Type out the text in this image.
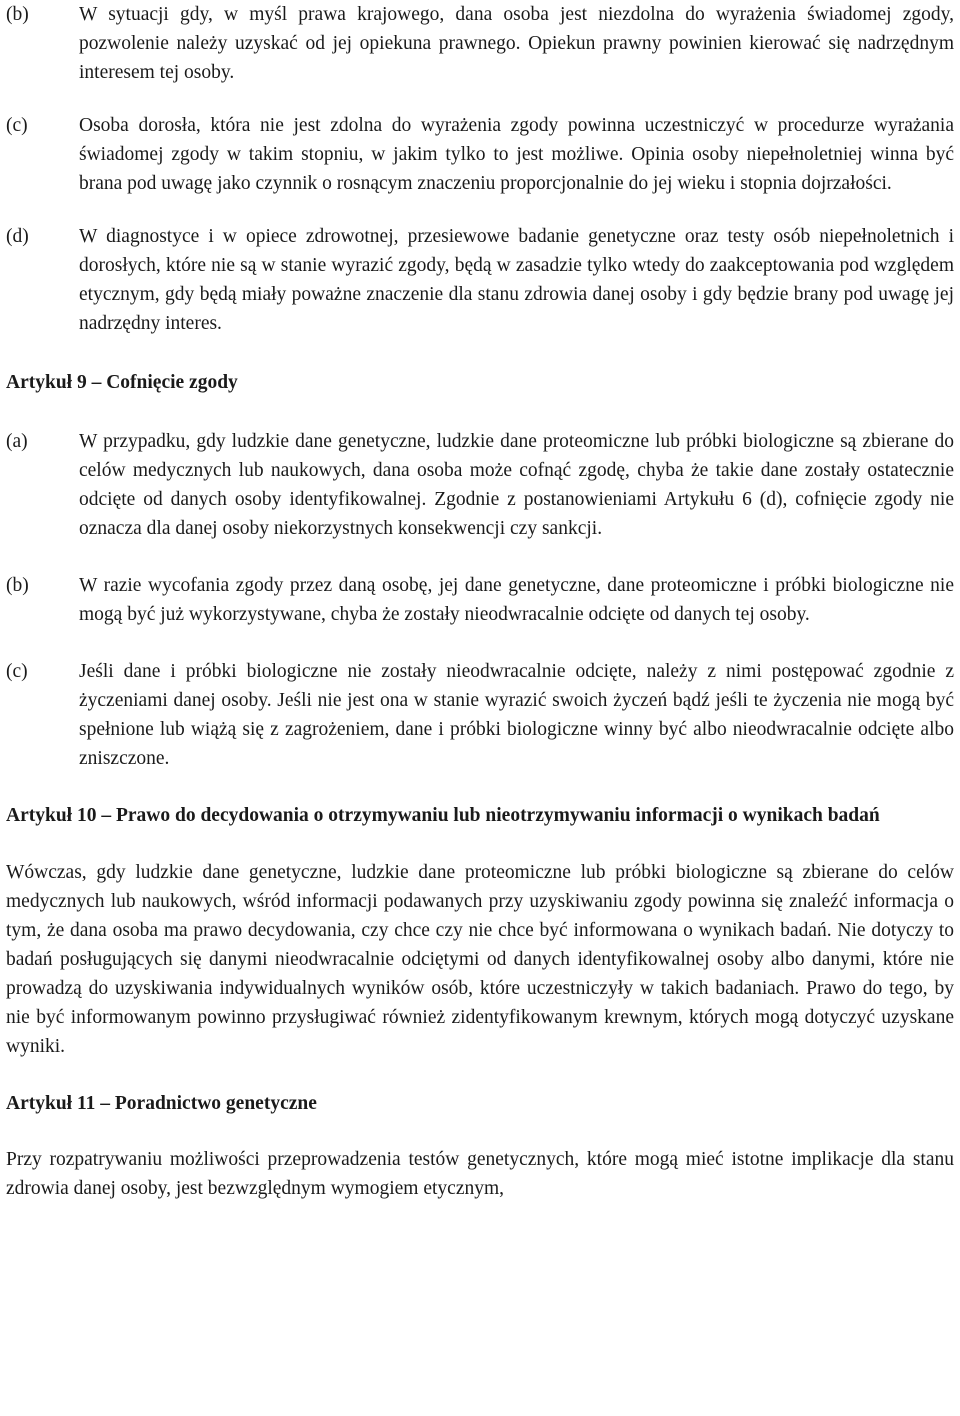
(b)	W sytuacji gdy, w myśl prawa krajowego, dana osoba jest niezdolna do wyrażenia świadomej zgody, pozwolenie należy uzyskać od jej opiekuna prawnego. Opiekun prawny powinien kierować się nadrzędnym interesem tej osoby.
(c)	Osoba dorosła, która nie jest zdolna do wyrażenia zgody powinna uczestniczyć w procedurze wyrażania świadomej zgody w takim stopniu, w jakim tylko to jest możliwe. Opinia osoby niepełnoletniej winna być brana pod uwagę jako czynnik o rosnącym znaczeniu proporcjonalnie do jej wieku i stopnia dojrzałości.
(d)	W diagnostyce i w opiece zdrowotnej, przesiewowe badanie genetyczne oraz testy osób niepełnoletnich i dorosłych, które nie są w stanie wyrazić zgody, będą w zasadzie tylko wtedy do zaakceptowania pod względem etycznym, gdy będą miały poważne znaczenie dla stanu zdrowia danej osoby i gdy będzie brany pod uwagę jej nadrzędny interes.
Artykuł 9 – Cofnięcie zgody
(a)	W przypadku, gdy ludzkie dane genetyczne, ludzkie dane proteomiczne lub próbki biologiczne są zbierane do celów medycznych lub naukowych, dana osoba może cofnąć zgodę, chyba że takie dane zostały ostatecznie odcięte od danych osoby identyfikowalnej. Zgodnie z postanowieniami Artykułu 6 (d), cofnięcie zgody nie oznacza dla danej osoby niekorzystnych konsekwencji czy sankcji.
(b)	W razie wycofania zgody przez daną osobę, jej dane genetyczne, dane proteomiczne i próbki biologiczne nie mogą być już wykorzystywane, chyba że zostały nieodwracalnie odcięte od danych tej osoby.
(c)	Jeśli dane i próbki biologiczne nie zostały nieodwracalnie odcięte, należy z nimi postępować zgodnie z życzeniami danej osoby. Jeśli nie jest ona w stanie wyrazić swoich życzeń bądź jeśli te życzenia nie mogą być spełnione lub wiążą się z zagrożeniem, dane i próbki biologiczne winny być albo nieodwracalnie odcięte albo zniszczone.
Artykuł 10 – Prawo do decydowania o otrzymywaniu lub nieotrzymywaniu informacji o wynikach badań

Wówczas, gdy ludzkie dane genetyczne, ludzkie dane proteomiczne lub próbki biologiczne są zbierane do celów medycznych lub naukowych, wśród informacji podawanych przy uzyskiwaniu zgody powinna się znaleźć informacja o tym, że dana osoba ma prawo decydowania, czy chce czy nie chce być informowana o wynikach badań. Nie dotyczy to badań posługujących się danymi nieodwracalnie odciętymi od danych identyfikowalnej osoby albo danymi, które nie prowadzą do uzyskiwania indywidualnych wyników osób, które uczestniczyły w takich badaniach. Prawo do tego, by nie być informowanym powinno przysługiwać również zidentyfikowanym krewnym, których mogą dotyczyć uzyskane wyniki.

Artykuł 11 – Poradnictwo genetyczne

Przy rozpatrywaniu możliwości przeprowadzenia testów genetycznych, które mogą mieć istotne implikacje dla stanu zdrowia danej osoby, jest bezwzględnym wymogiem etycznym,
